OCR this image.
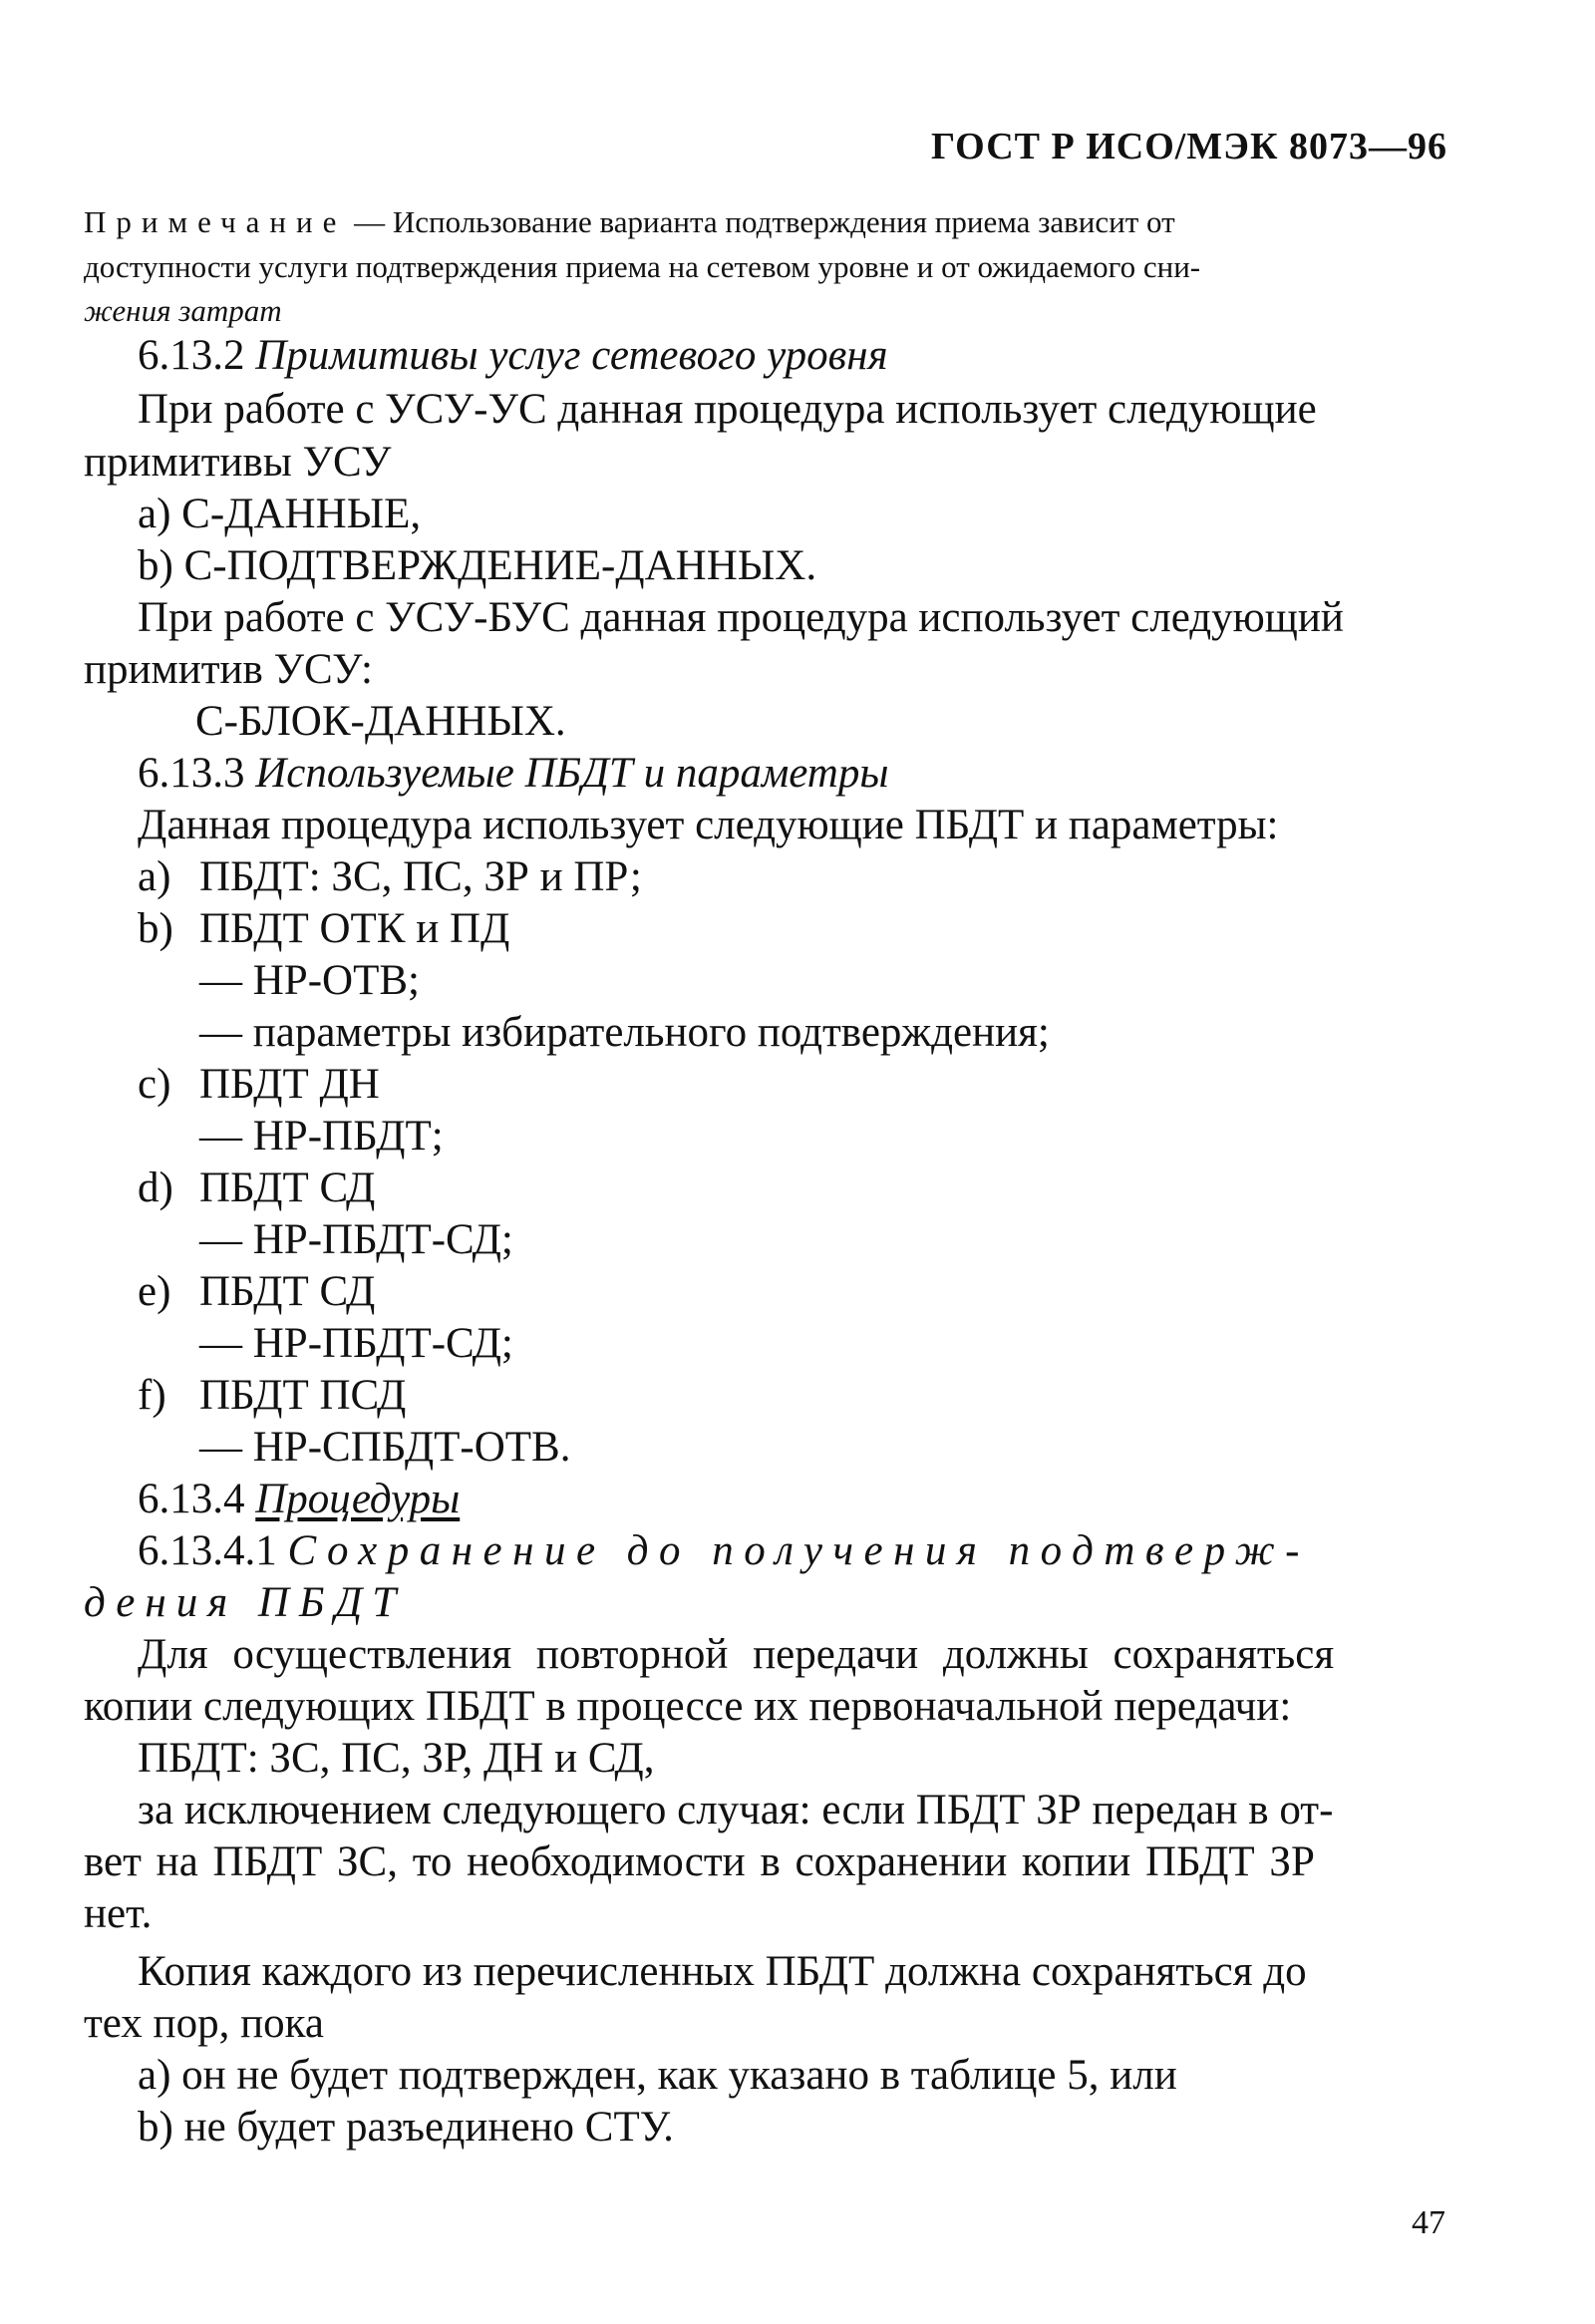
ГОСТ Р ИСО/МЭК 8073—96
Примечание — Использование варианта подтверждения приема зависит от
доступности услуги подтверждения приема на сетевом уровне и от ожидаемого сни-
жения затрат
6.13.2 Примитивы услуг сетевого уровня
При работе с УСУ-УС данная процедура использует следующие
примитивы УСУ
a) С-ДАННЫЕ,
b) С-ПОДТВЕРЖДЕНИЕ-ДАННЫХ.
При работе с УСУ-БУС данная процедура использует следующий
примитив УСУ:
С-БЛОК-ДАННЫХ.
6.13.3 Используемые ПБДТ и параметры
Данная процедура использует следующие ПБДТ и параметры:
a) ПБДТ: ЗС, ПС, ЗР и ПР;
b) ПБДТ ОТК и ПД
— НР-ОТВ;
— параметры избирательного подтверждения;
c) ПБДТ ДН
— НР-ПБДТ;
d) ПБДТ СД
— НР-ПБДТ-СД;
e) ПБДТ СД
— НР-ПБДТ-СД;
f) ПБДТ ПСД
— НР-СПБДТ-ОТВ.
6.13.4 Процедуры
6.13.4.1 Сохранение до получения подтверж-
дения ПБДТ
Для осуществления повторной передачи должны сохраняться
копии следующих ПБДТ в процессе их первоначальной передачи:
ПБДТ: ЗС, ПС, ЗР, ДН и СД,
за исключением следующего случая: если ПБДТ ЗР передан в от-
вет на ПБДТ ЗС, то необходимости в сохранении копии ПБДТ ЗР
нет.
Копия каждого из перечисленных ПБДТ должна сохраняться до
тех пор, пока
a) он не будет подтвержден, как указано в таблице 5, или
b) не будет разъединено СТУ.
47
